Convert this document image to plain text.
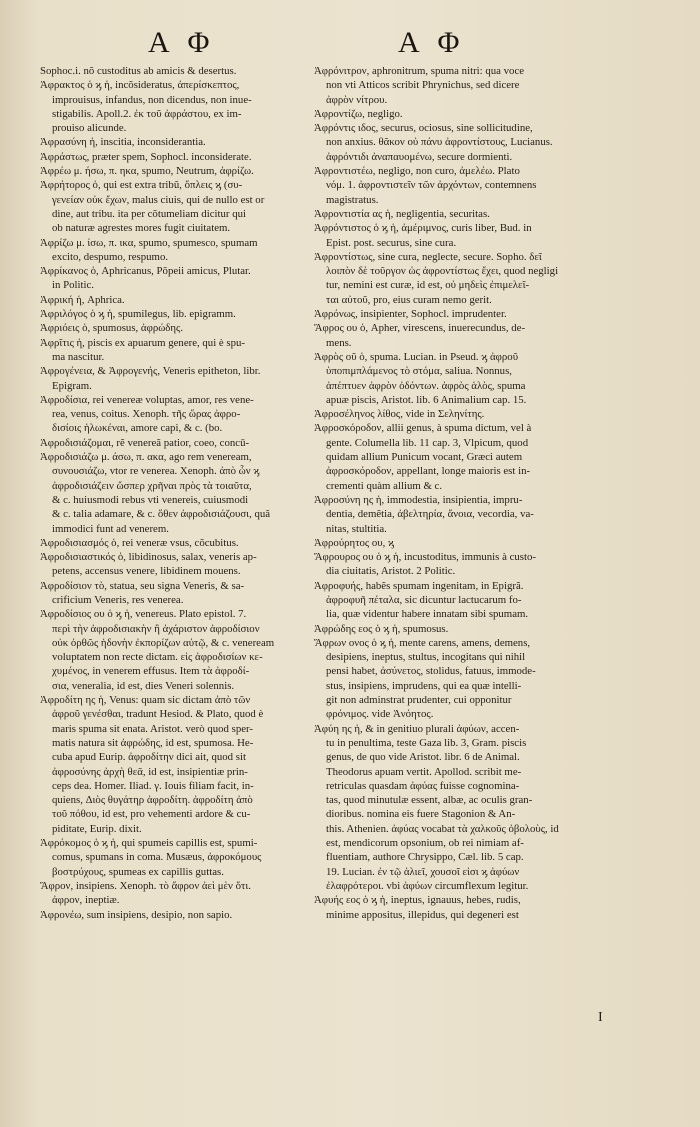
Α Φ	Α Φ
Sophoc.i. nõ custoditus ab amicis & desertus.
Ἀφρακτος ὁ ϗ ἡ, incõsideratus, ἀπερίσκεπτος,
improuisus, infandus, non dicendus, non inue-
stigabilis. Apoll.2. ἐκ τοῦ ἀφράστου, ex im-
prouiso alicunde.
Ἀφρασύνη ἡ, inscitia, inconsiderantia.
Ἀφράστως, præter spem, Sophocl. inconsiderate.
Ἀφρέω μ. ήσω, π. ηκα, spumo, Neutrum, ἀφρίζω.
Ἀφρήτορος ὁ, qui est extra tribũ, ὅπλεις ϗ (συ-
γενείαν οὐκ ἔχων, malus ciuis, qui de nullo est or
dine, aut tribu. ita per cõtumeliam dicitur qui
ob naturæ agrestes mores fugit ciuitatem.
Ἀφρίζω μ. ίσω, π. ικα, spumo, spumesco, spumam
excito, despumo, respumo.
Ἀφρίκανος ὁ, Aphricanus, Põpeii amicus, Plutar.
in Politic.
Ἀφρική ἡ, Aphrica.
Ἀφριλόγος ὁ ϗ ἡ, spumilegus, lib. epigramm.
Ἀφριόεις ὁ, spumosus, ἀφρώδης.
Ἀφρῖτις ἡ, piscis ex apuarum genere, qui è spu-
ma nascitur.
Ἀφρογένεια, & Ἀφρογενής, Veneris epitheton, libr.
Epigram.
Ἀφροδίσια, rei venereæ voluptas, amor, res vene-
rea, venus, coitus. Xenoph. τῆς ὥρας ἀφρο-
δισίοις ἡλωκέναι, amore capi, & c. (bo.
Ἀφροδισιάζομαι, rẽ venereã patior, coeo, concū-
Ἀφροδισιάζω μ. άσω, π. ακα, ago rem veneream,
συνουσιάζω, vtor re venerea. Xenoph. ἀπὸ ὧν ϗ
ἀφροδισιάζειν ὥσπερ χρῆναι πρὸς τὰ τοιαῦτα,
& c. huiusmodi rebus vti venereis, cuiusmodi
& c. talia adamare, & c. ὅθεν ἀφροδισιάζουσι, quã
immodici funt ad venerem.
Ἀφροδισιασμός ὁ, rei veneræ vsus, cõcubitus.
Ἀφροδισιαστικός ὁ, libidinosus, salax, veneris ap-
petens, accensus venere, libidinem mouens.
Ἀφροδίσιον τὸ, statua, seu signa Veneris, & sa-
crificium Veneris, res venerea.
Ἀφροδίσιος ου ὁ ϗ ἡ, venereus. Plato epistol. 7.
περὶ τὴν ἀφροδισιακὴν ἢ ἀχάριστον ἀφροδίσιον
οὐκ ὀρθῶς ἡδονὴν ἐκπορίζων αὐτῷ, & c. veneream
voluptatem non recte dictam. εἰς ἀφροδισίων κε-
χυμένος, in venerem effusus. Item τὰ ἀφροδί-
σια, veneralia, id est, dies Veneri solennis.
Ἀφροδίτη ης ἡ, Venus: quam sic dictam ἀπὸ τῶν
ἀφροῦ γενέσθαι, tradunt Hesiod. & Plato, quod è
maris spuma sit enata. Aristot. verò quod sper-
matis natura sit ἀφρώδης, id est, spumosa. He-
cuba apud Eurip. ἀφροδίτην dici ait, quod sit
ἀφροσύνης ἀρχὴ θεᾶ, id est, insipientiæ prin-
ceps dea. Homer. Iliad. γ. Iouis filiam facit, in-
quiens, Διὸς θυγάτηρ ἀφροδίτη. ἀφροδίτη ἀπὸ
τοῦ πόθου, id est, pro vehementi ardore & cu-
piditate, Eurip. dixit.
Ἀφρόκομος ὁ ϗ ἡ, qui spumeis capillis est, spumi-
comus, spumans in coma. Musæus, ἀφροκόμους
βοστρύχους, spumeas ex capillis guttas.
Ἄφρον, insipiens. Xenoph. τὸ ἄφρον ἀεὶ μὲν ὅτι.
ἀφρον, ineptiæ.
Ἀφρονέω, sum insipiens, desipio, non sapio.
Ἀφρόνιτρον, aphronitrum, spuma nitri: qua voce
non vti Atticos scribit Phrynichus, sed dicere
ἀφρὸν νίτρου.
Ἀφροντίζω, negligo.
Ἀφρόντις ιδος, securus, ociosus, sine sollicitudine,
non anxius. θᾶκον οὐ πάνυ ἀφροντίστους, Lucianus.
ἀφρόντιδι ἀναπαυομένω, secure dormienti.
Ἀφροντιστέω, negligo, non curo, ἀμελέω. Plato
νόμ. 1. ἀφροντιστεῖν τῶν ἀρχόντων, contemnens
magistratus.
Ἀφροντιστία ας ἡ, negligentia, securitas.
Ἀφρόντιστος ὁ ϗ ἡ, ἀμέριμνος, curis liber, Bud. in
Epist. post. securus, sine cura.
Ἀφροντίστως, sine cura, neglecte, secure. Sopho. δεῖ
λοιπὸν δὲ τοῦργον ὡς ἀφροντίστως ἔχει, quod negligi
tur, nemini est curæ, id est, οὐ μηδεὶς ἐπιμελεῖ-
ται αὐτοῦ, pro, eius curam nemo gerit.
Ἀφρόνως, insipienter, Sophocl. imprudenter.
Ἄφρος ου ὁ, Apher, virescens, inuerecundus, de-
mens.
Ἀφρὸς οῦ ὁ, spuma. Lucian. in Pseud. ϗ ἀφροῦ
ὑποπιμπλάμενος τὸ στόμα, saliua. Nonnus,
ἀπέπτυεν ἀφρὸν ὀδόντων. ἀφρὸς ἁλὸς, spuma
apuæ piscis, Aristot. lib. 6 Animalium cap. 15.
Ἀφροσέληνος λίθος, vide in Σεληνίτης.
Ἀφροσκόροδον, allii genus, à spuma dictum, vel à
gente. Columella lib. 11 cap. 3, Vlpicum, quod
quidam allium Punicum vocant, Græci autem
ἀφροσκόροδον, appellant, longe maioris est in-
crementi quàm allium & c.
Ἀφροσύνη ης ἡ, immodestia, insipientia, impru-
dentia, demẽtia, ἀβελτηρία, ἄνοια, vecordia, va-
nitas, stultitia.
Ἀφρούρητος ου, ϗ
Ἄφρουρος ου ὁ ϗ ἡ, incustoditus, immunis à custo-
dia ciuitatis, Aristot. 2 Politic.
Ἀφροφυής, habẽs spumam ingenitam, in Epigrã.
ἀφροφυῆ πέταλα, sic dicuntur lactucarum fo-
lia, quæ videntur habere innatam sibi spumam.
Ἀφρώδης εος ὁ ϗ ἡ, spumosus.
Ἄφρων ονος ὁ ϗ ἡ, mente carens, amens, demens,
desipiens, ineptus, stultus, incogitans qui nihil
pensi habet, ἀσύνετος, stolidus, fatuus, immode-
stus, insipiens, imprudens, qui ea quæ intelli-
git non adminstrat prudenter, cui opponitur
φρόνιμος. vide Ἀνόητος.
Ἀφύη ης ἡ, & in genitiuo plurali ἀφύων, accen-
tu in penultima, teste Gaza lib. 3, Gram. piscis
genus, de quo vide Aristot. libr. 6 de Animal.
Theodorus apuam vertit. Apollod. scribit me-
retriculas quasdam ἀφύας fuisse cognomina-
tas, quod minutulæ essent, albæ, ac oculis gran-
dioribus. nomina eis fuere Stagonion & An-
this. Athenien. ἀφύας vocabat τὰ χαλκοῦς ὀβολοὺς, id
est, mendicorum opsonium, ob rei nimiam af-
fluentiam, authore Chrysippo, Cæl. lib. 5 cap.
19. Lucian. ἐν τῷ ἁλιεῖ, χουσοῖ εἰσι ϗ ἀφύων
ἐλαφρότεροι. vbi ἀφύων circumflexum legitur.
Ἀφυής εος ὁ ϗ ἡ, ineptus, ignauus, hebes, rudis,
minime appositus, illepidus, qui degeneri est
I
